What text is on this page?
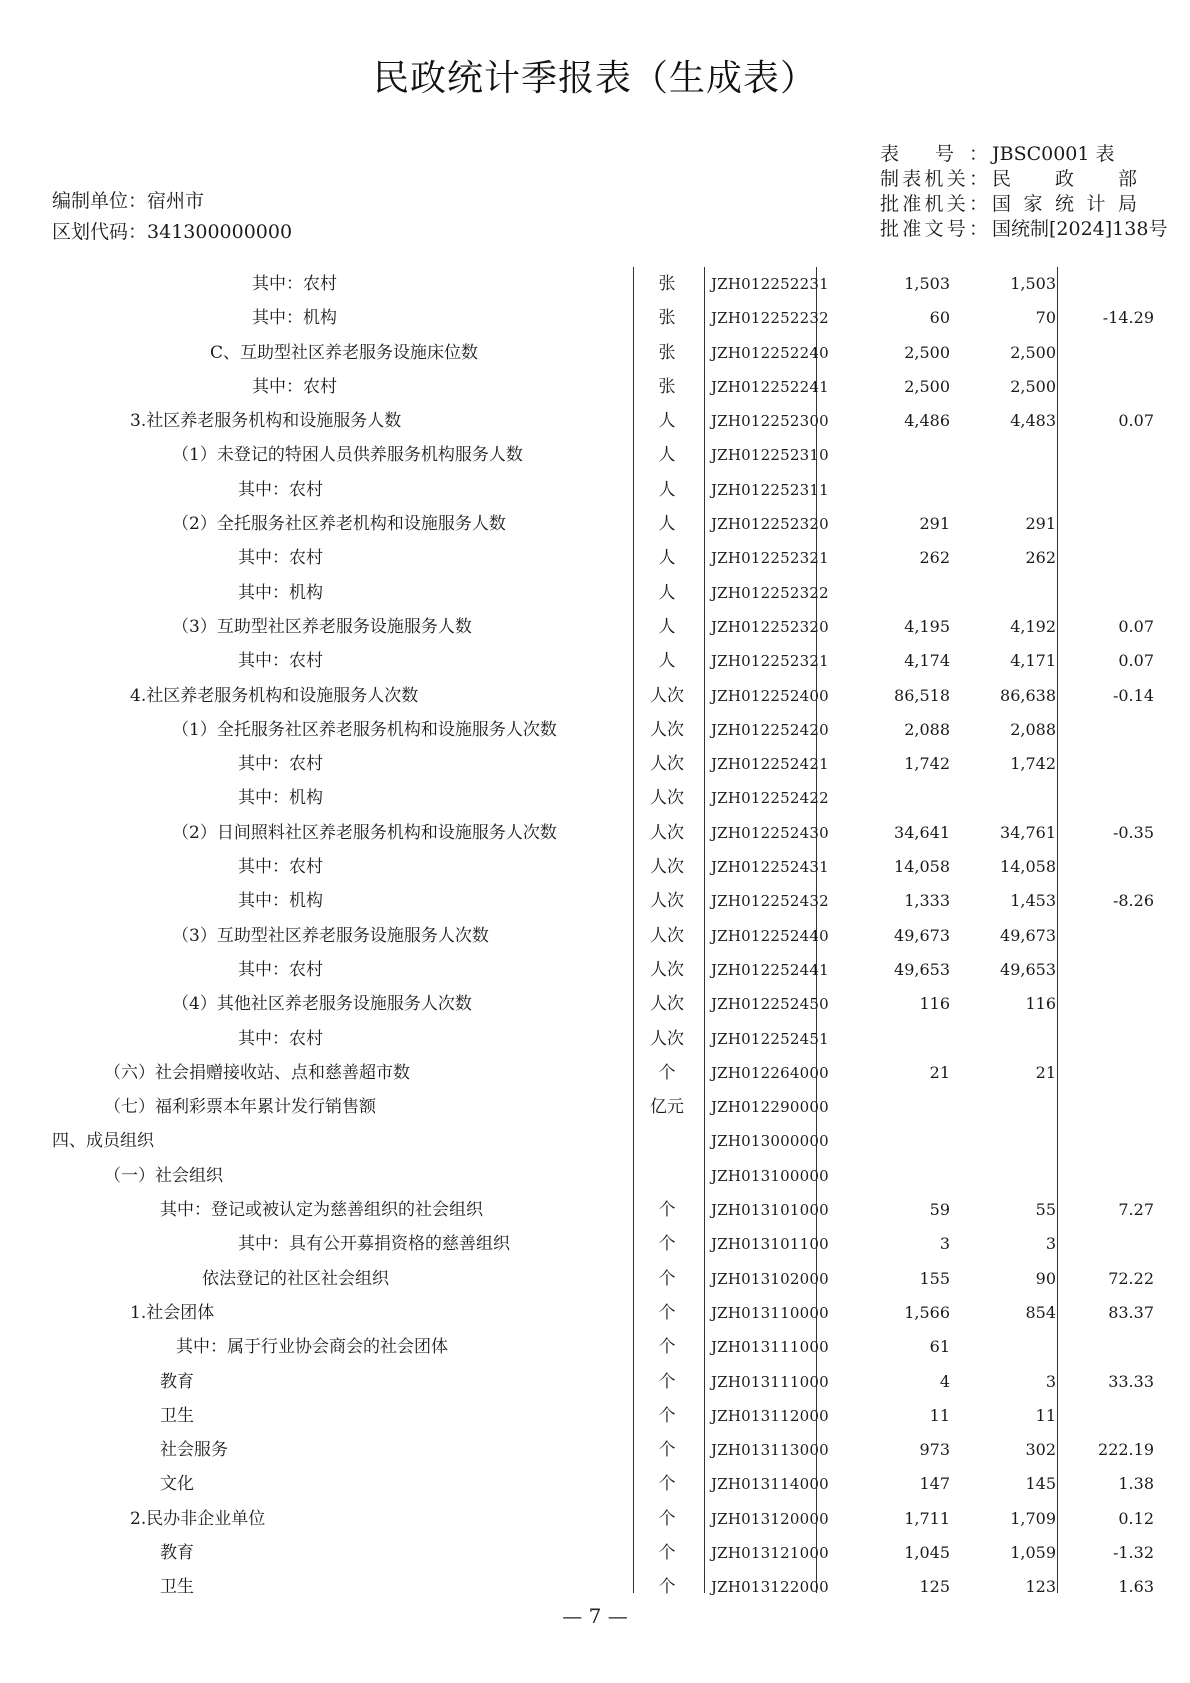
民政统计季报表（生成表）
编制单位：宿州市
区划代码：341300000000
表 号： JBSC0001 表
制表机关： 民 政 部
批准机关： 国 家 统 计 局
批准文号： 国统制[2024]138号
其中：农村	张	JZH012252231	1,503	1,503
其中：机构	张	JZH012252232	60	70	-14.29
C、互助型社区养老服务设施床位数	张	JZH012252240	2,500	2,500
其中：农村	张	JZH012252241	2,500	2,500
3.社区养老服务机构和设施服务人数	人	JZH012252300	4,486	4,483	0.07
（1）未登记的特困人员供养服务机构服务人数	人	JZH012252310
其中：农村	人	JZH012252311
（2）全托服务社区养老机构和设施服务人数	人	JZH012252320	291	291
其中：农村	人	JZH012252321	262	262
其中：机构	人	JZH012252322
（3）互助型社区养老服务设施服务人数	人	JZH012252320	4,195	4,192	0.07
其中：农村	人	JZH012252321	4,174	4,171	0.07
4.社区养老服务机构和设施服务人次数	人次	JZH012252400	86,518	86,638	-0.14
（1）全托服务社区养老服务机构和设施服务人次数	人次	JZH012252420	2,088	2,088
其中：农村	人次	JZH012252421	1,742	1,742
其中：机构	人次	JZH012252422
（2）日间照料社区养老服务机构和设施服务人次数	人次	JZH012252430	34,641	34,761	-0.35
其中：农村	人次	JZH012252431	14,058	14,058
其中：机构	人次	JZH012252432	1,333	1,453	-8.26
（3）互助型社区养老服务设施服务人次数	人次	JZH012252440	49,673	49,673
其中：农村	人次	JZH012252441	49,653	49,653
（4）其他社区养老服务设施服务人次数	人次	JZH012252450	116	116
其中：农村	人次	JZH012252451
（六）社会捐赠接收站、点和慈善超市数	个	JZH012264000	21	21
（七）福利彩票本年累计发行销售额	亿元	JZH012290000
四、成员组织	JZH013000000
（一）社会组织	JZH013100000
其中：登记或被认定为慈善组织的社会组织	个	JZH013101000	59	55	7.27
其中：具有公开募捐资格的慈善组织	个	JZH013101100	3	3
依法登记的社区社会组织	个	JZH013102000	155	90	72.22
1.社会团体	个	JZH013110000	1,566	854	83.37
其中：属于行业协会商会的社会团体	个	JZH013111000	61
教育	个	JZH013111000	4	3	33.33
卫生	个	JZH013112000	11	11
社会服务	个	JZH013113000	973	302	222.19
文化	个	JZH013114000	147	145	1.38
2.民办非企业单位	个	JZH013120000	1,711	1,709	0.12
教育	个	JZH013121000	1,045	1,059	-1.32
卫生	个	JZH013122000	125	123	1.63
— 7 —
